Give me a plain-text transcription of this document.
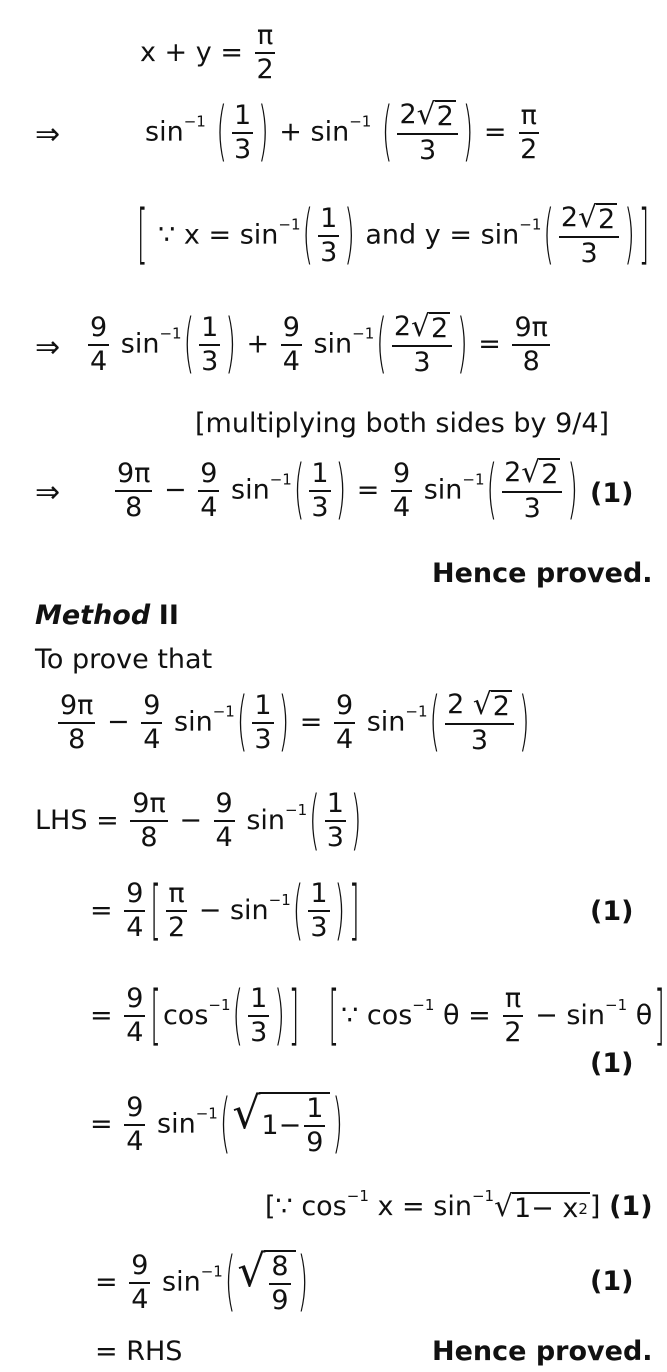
$x + y = \frac{\pi}{2}$
⇒	$\sin^{-1}$ ( $\frac{1}{3}$ ) + $\sin^{-1}$ ( $\frac{2 √ 2}{3}$ ) = $\frac{\pi}{2}$
[ ∵ $x = \sin^{-1}( \frac{1}{3}$ ) and $y = \sin^{-1}( \frac{2 √ 2}{3}$ ) ]
⇒ $\frac{9}{4} \sin^{-1}( \frac{1}{3}$ ) + $\frac{9}{4} \sin^{-1}( \frac{2 √ 2}{3}$ ) = $\frac{9\pi}{8}$
[multiplying both sides by 9/4]
⇒ $\frac{9\pi}{8} - \frac{9}{4} \sin^{-1}( \frac{1}{3}$ ) = $\frac{9}{4} \sin^{-1}( \frac{2 √ 2}{3}$ ) (1)
Hence proved.
Method II
To prove that
$\frac{9\pi}{8} - \frac{9}{4} \sin^{-1}( \frac{1}{3}$ ) = $\frac{9}{4} \sin^{-1}( \frac{2 √ 2}{3}$ )
LHS = $\frac{9\pi}{8} - \frac{9}{4} \sin^{-1}( \frac{1}{3}$ )
= $\frac{9}{4}$ [ $\frac{\pi}{2} - \sin^{-1}( \frac{1}{3}$ ) ]	(1)
= $\frac{9}{4} [\cos^{-1}( \frac{1}{3}$ ) ] [∵ $\cos^{-1} \theta = \frac{\pi}{2} - \sin^{-1} \theta$]
(1)
= $\frac{9}{4} \sin^{-1}$( √ $1- \frac{1}{9}$ )
[∵ $\cos^{-1} x = \sin^{-1}$ √ 1−
x 2 ] (1)
= $\frac{9}{4} \sin^{-1}$( √ $\frac{8}{9}$ )	(1)
= RHS	Hence proved.
